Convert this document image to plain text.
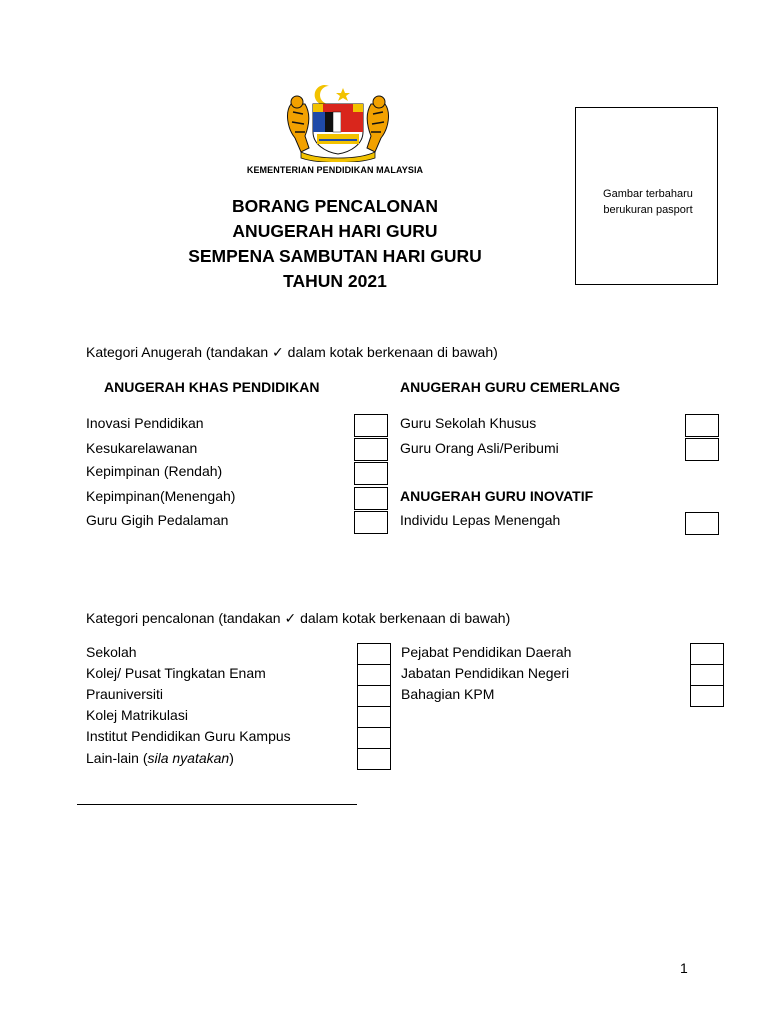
KEMENTERIAN PENDIDIKAN MALAYSIA
BORANG PENCALONAN
ANUGERAH HARI GURU
SEMPENA SAMBUTAN HARI GURU
TAHUN 2021
Gambar terbaharu
berukuran pasport
Kategori Anugerah (tandakan ✓ dalam kotak berkenaan di bawah)
ANUGERAH KHAS PENDIDIKAN	ANUGERAH GURU CEMERLANG
Inovasi Pendidikan
Kesukarelawanan
Kepimpinan (Rendah)
Kepimpinan(Menengah)
Guru Gigih Pedalaman
Guru Sekolah Khusus
Guru Orang Asli/Peribumi
ANUGERAH GURU INOVATIF
Individu Lepas Menengah
Kategori pencalonan (tandakan ✓ dalam kotak berkenaan di bawah)
Sekolah
Kolej/ Pusat Tingkatan Enam
Prauniversiti
Kolej Matrikulasi
Institut Pendidikan Guru Kampus
Lain-lain (sila nyatakan)
Pejabat Pendidikan Daerah
Jabatan Pendidikan Negeri
Bahagian KPM
1
